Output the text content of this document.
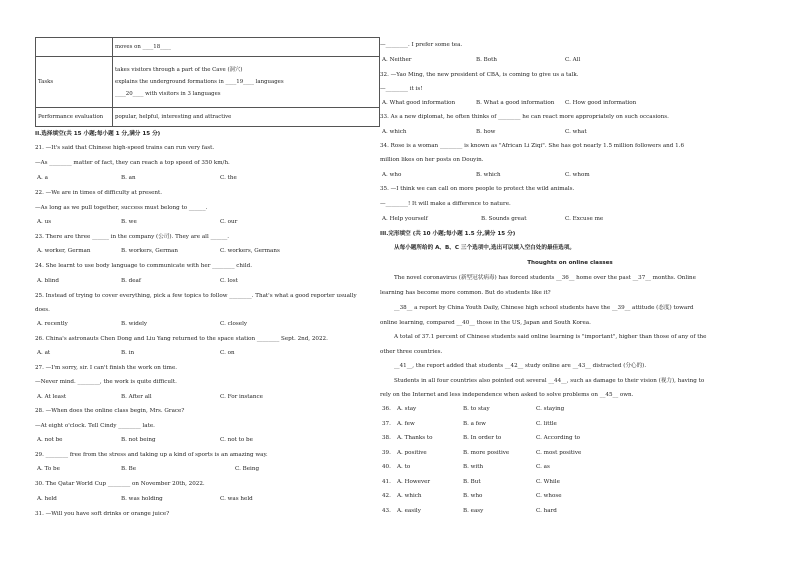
	moves on ____18____
Tasks	takes visitors through a part of the Cave (洞穴)
explains the underground formations in ____19____ languages
____20____ with visitors in 3 languages

Performance evaluation	popular, helpful, interesting and attractive
II.选择填空(共 15 小题;每小题 1 分,满分 15 分)
21. —It's said that Chinese high-speed trains can run very fast.
—As ________ matter of fact, they can reach a top speed of 350 km/h.
A. a	B. an	C. the
22. —We are in times of difficulty at present.
—As long as we pull together, success must belong to ______.
A. us	B. we	C. our
23. There are three ______ in the company (公司). They are all ______.
A. worker, German	B. workers, German	C. workers, Germans
24. She learnt to use body language to communicate with her ________ child.
A. blind	B. deaf	C. lost
25. Instead of trying to cover everything, pick a few topics to follow ________. That's what a good reporter usually
does.
A. recently	B. widely	C. closely
26. China's astronauts Chen Dong and Liu Yang returned to the space station ________ Sept. 2nd, 2022.
A. at	B. in	C. on
27. —I'm sorry, sir. I can't finish the work on time.
—Never mind. ________, the work is quite difficult.
A. At least	B. After all	C. For instance
28. —When does the online class begin, Mrs. Grace?
—At eight o'clock. Tell Cindy ________ late.
A. not be	B. not being	C. not to be
29. ________ free from the stress and taking up a kind of sports is an amazing way.
A. To be	B. Be	C. Being
30. The Qatar World Cup ________ on November 20th, 2022.
A. held	B. was holding	C. was held
31. —Will you have soft drinks or orange juice?
—________. I prefer some tea.
A. Neither	B. Both	C. All
32. —Yao Ming, the new president of CBA, is coming to give us a talk.
—________ it is!
A. What good information	B. What a good information C. How good information
33. As a new diplomat, he often thinks of ________ he can react more appropriately on such occasions.
A. which	B. how	C. what
34. Rose is a woman ________ is known as "African Li Ziqi". She has got nearly 1.5 million followers and 1.6
million likes on her posts on Douyin.
A. who	B. which	C. whom
35. —I think we can call on more people to protect the wild animals.
—________! It will make a difference to nature.
A. Help yourself	B. Sounds great	C. Excuse me
III.完形填空 (共 10 小题;每小题 1.5 分,满分 15 分)
从每小题所给的 A、B、C 三个选项中,选出可以填入空白处的最佳选项。
Thoughts on online classes
The novel coronavirus (新型冠状病毒) has forced students __36__ home over the past __37__ months. Online
learning has become more common. But do students like it?
__38__ a report by China Youth Daily, Chinese high school students have the __39__ attitude (态度) toward
online learning, compared __40__ those in the US, Japan and South Korea.
A total of 37.1 percent of Chinese students said online learning is "important", higher than those of any of the
other three countries.
__41__, the report added that students __42__ study online are __43__ distracted (分心的).
Students in all four countries also pointed out several __44__, such as damage to their vision (视力), having to
rely on the Internet and less independence when asked to solve problems on __45__ own.
36. A. stay	B. to stay	C. staying
37. A. few	B. a few	C. little
38. A. Thanks to	B. In order to	C. According to
39. A. positive	B. more positive	C. most positive
40. A. to	B. with	C. as
41. A. However	B. But	C. While
42. A. which	B. who	C. whose
43. A. easily	B. easy	C. hard
